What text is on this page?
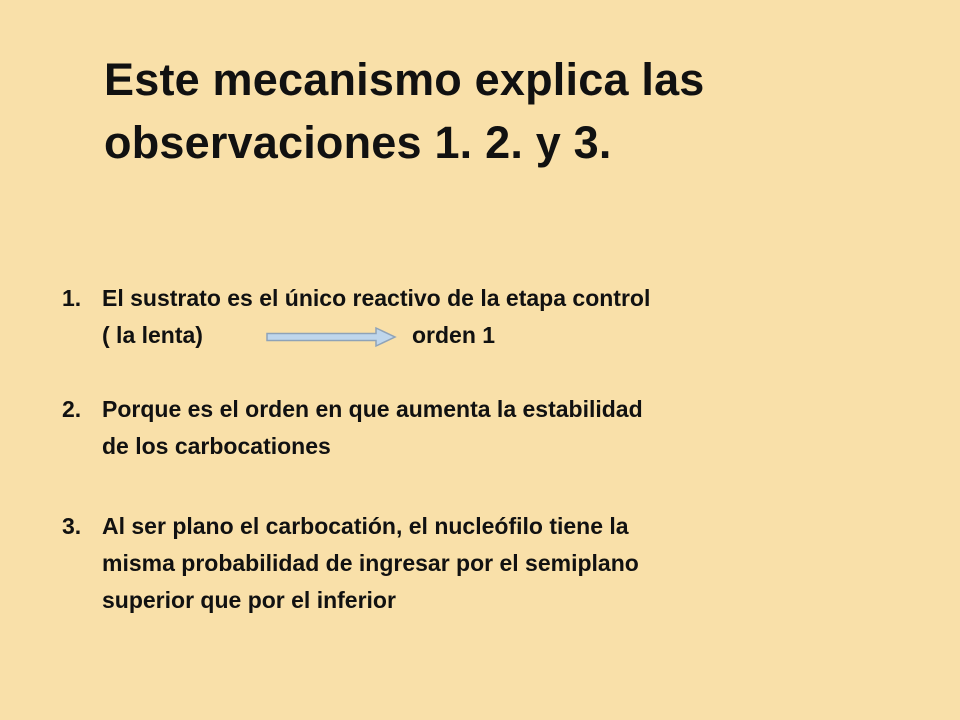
Este mecanismo explica las
observaciones 1. 2. y 3.
1. El sustrato es el único reactivo de la etapa control
( la lenta)	orden 1
2. Porque es el orden en que aumenta la estabilidad
de los carbocationes
3. Al ser plano el carbocatión, el nucleófilo tiene la
misma probabilidad de ingresar por el semiplano
superior que por el inferior
